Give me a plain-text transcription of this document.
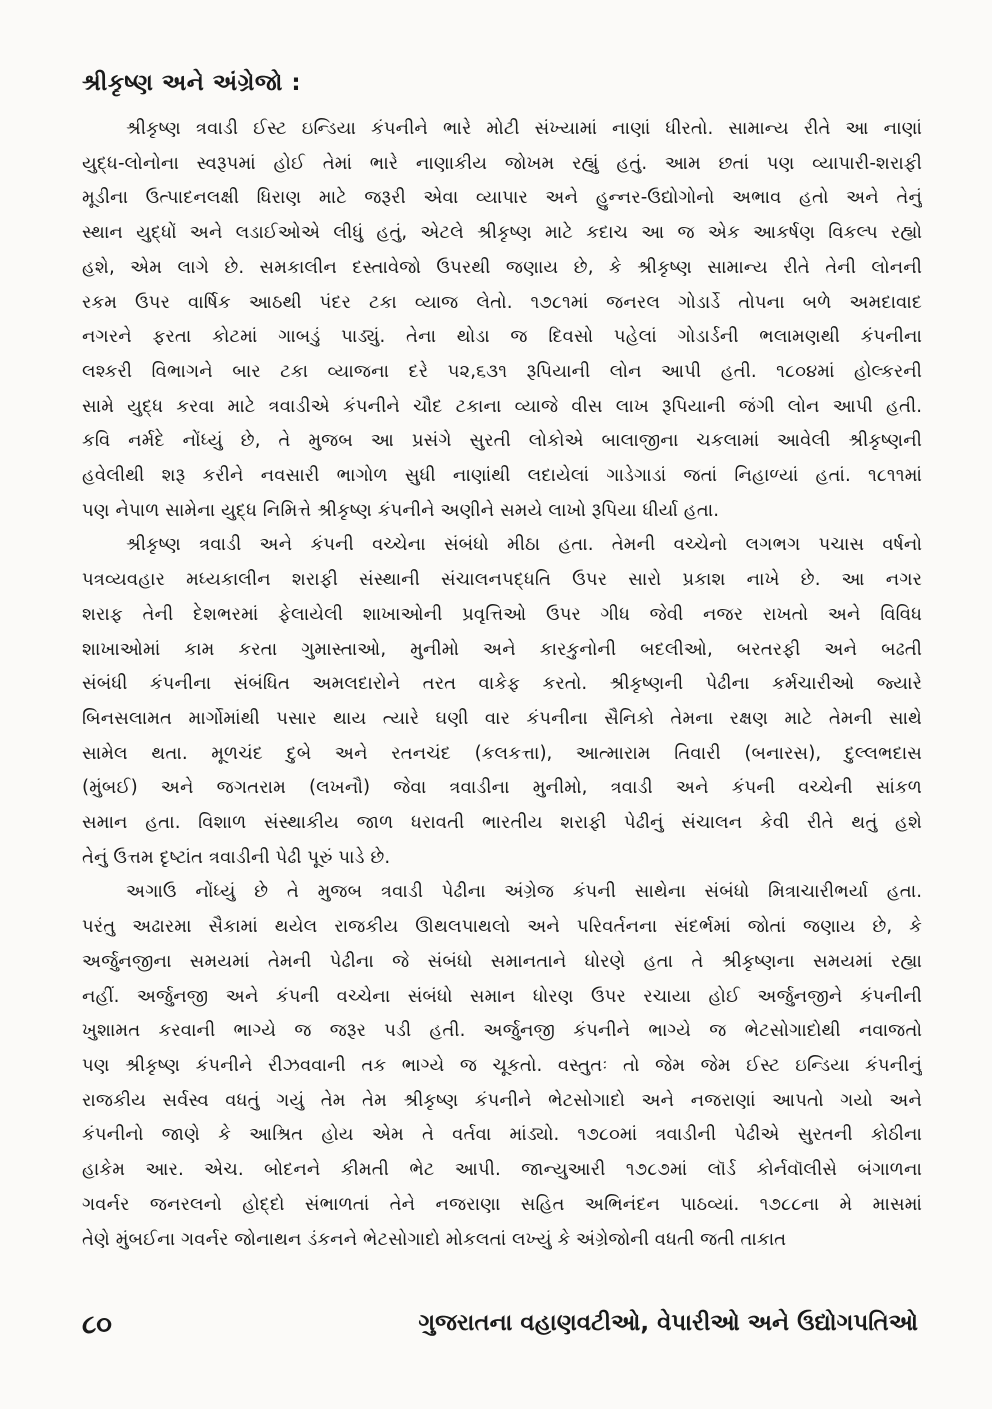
શ્રીકૃષ્ણ અને અંગ્રેજો :
શ્રીકૃષ્ણ ત્રવાડી ઈસ્ટ ઇન્ડિયા કંપનીને ભારે મોટી સંખ્યામાં નાણાં ધીરતો. સામાન્ય રીતે આ નાણાં
યુદ્ધ-લોનોના સ્વરૂપમાં હોઈ તેમાં ભારે નાણાકીય જોખમ રહ્યું હતું. આમ છતાં પણ વ્યાપારી-શરાફી
મૂડીના ઉત્પાદનલક્ષી ધિરાણ માટે જરૂરી એવા વ્યાપાર અને હુન્નર-ઉદ્યોગોનો અભાવ હતો અને તેનું
સ્થાન યુદ્ધોં અને લડાઈઓએ લીધું હતું, એટલે શ્રીકૃષ્ણ માટે કદાચ આ જ એક આકર્ષણ વિકલ્પ રહ્યો
હશે, એમ લાગે છે. સમકાલીન દસ્તાવેજો ઉપરથી જણાય છે, કે શ્રીકૃષ્ણ સામાન્ય રીતે તેની લોનની
રકમ ઉપર વાર્ષિક આઠથી પંદર ટકા વ્યાજ લેતો. ૧૭૮૧માં જનરલ ગોડાર્ડે તોપના બળે અમદાવાદ
નગરને ફરતા કોટમાં ગાબડું પાડ્યું. તેના થોડા જ દિવસો પહેલાં ગોડાર્ડની ભલામણથી કંપનીના
લશ્કરી વિભાગને બાર ટકા વ્યાજના દરે ૫૨,૬૩૧ રૂપિયાની લોન આપી હતી. ૧૮૦૪માં હોલ્કરની
સામે યુદ્ધ કરવા માટે ત્રવાડીએ કંપનીને ચૌદ ટકાના વ્યાજે વીસ લાખ રૂપિયાની જંગી લોન આપી હતી.
કવિ નર્મદે નોંધ્યું છે, તે મુજબ આ પ્રસંગે સુરતી લોકોએ બાલાજીના ચકલામાં આવેલી શ્રીકૃષ્ણની
હવેલીથી શરૂ કરીને નવસારી ભાગોળ સુધી નાણાંથી લદાયેલાં ગાડેગાડાં જતાં નિહાળ્યાં હતાં. ૧૮૧૧માં
પણ નેપાળ સામેના યુદ્ધ નિમિત્તે શ્રીકૃષ્ણ કંપનીને અણીને સમયે લાખો રૂપિયા ધીર્યા હતા.
શ્રીકૃષ્ણ ત્રવાડી અને કંપની વચ્ચેના સંબંધો મીઠા હતા. તેમની વચ્ચેનો લગભગ પચાસ વર્ષનો
પત્રવ્યવહાર મધ્યકાલીન શરાફી સંસ્થાની સંચાલનપદ્ધતિ ઉપર સારો પ્રકાશ નાખે છે. આ નગર
શરાફ તેની દેશભરમાં ફેલાયેલી શાખાઓની પ્રવૃત્તિઓ ઉપર ગીધ જેવી નજર રાખતો અને વિવિધ
શાખાઓમાં કામ કરતા ગુમાસ્તાઓ, મુનીમો અને કારકુનોની બદલીઓ, બરતરફી અને બઢતી
સંબંધી કંપનીના સંબંધિત અમલદારોને તરત વાકેફ કરતો. શ્રીકૃષ્ણની પેઢીના કર્મચારીઓ જ્યારે
બિનસલામત માર્ગોમાંથી પસાર થાય ત્યારે ઘણી વાર કંપનીના સૈનિકો તેમના રક્ષણ માટે તેમની સાથે
સામેલ થતા. મૂળચંદ દુબે અને રતનચંદ (કલકત્તા), આત્મારામ તિવારી (બનારસ), દુલ્લભદાસ
(મુંબઈ) અને જગતરામ (લખનૌ) જેવા ત્રવાડીના મુનીમો, ત્રવાડી અને કંપની વચ્ચેની સાંકળ
સમાન હતા. વિશાળ સંસ્થાકીય જાળ ધરાવતી ભારતીય શરાફી પેઢીનું સંચાલન કેવી રીતે થતું હશે
તેનું ઉત્તમ દૃષ્ટાંત ત્રવાડીની પેઢી પૂરું પાડે છે.
અગાઉ નોંધ્યું છે તે મુજબ ત્રવાડી પેઢીના અંગ્રેજ કંપની સાથેના સંબંધો મિત્રાચારીભર્યા હતા.
પરંતુ અઢારમા સૈકામાં થયેલ રાજકીય ઊથલપાથલો અને પરિવર્તનના સંદર્ભમાં જોતાં જણાય છે, કે
અર્જુનજીના સમયમાં તેમની પેઢીના જે સંબંધો સમાનતાને ધોરણે હતા તે શ્રીકૃષ્ણના સમયમાં રહ્યા
નહીં. અર્જુનજી અને કંપની વચ્ચેના સંબંધો સમાન ધોરણ ઉપર રચાયા હોઈ અર્જુનજીને કંપનીની
ખુશામત કરવાની ભાગ્યે જ જરૂર પડી હતી. અર્જુનજી કંપનીને ભાગ્યે જ ભેટસોગાદોથી નવાજતો
પણ શ્રીકૃષ્ણ કંપનીને રીઝવવાની તક ભાગ્યે જ ચૂકતો. વસ્તુતઃ તો જેમ જેમ ઈસ્ટ ઇન્ડિયા કંપનીનું
રાજકીય સર્વસ્વ વધતું ગયું તેમ તેમ શ્રીકૃષ્ણ કંપનીને ભેટસોગાદો અને નજરાણાં આપતો ગયો અને
કંપનીનો જાણે કે આશ્રિત હોય એમ તે વર્તવા માંડ્યો. ૧૭૮૦માં ત્રવાડીની પેઢીએ સુરતની કોઠીના
હાકેમ આર. એચ. બોદનને કીમતી ભેટ આપી. જાન્યુઆરી ૧૭૮૭માં લૉર્ડ કોર્નવૉલીસે બંગાળના
ગવર્નર જનરલનો હોદ્દો સંભાળતાં તેને નજરાણા સહિત અભિનંદન પાઠવ્યાં. ૧૭૮૮ના મે માસમાં
તેણે મુંબઈના ગવર્નર જોનાથન ડંકનને ભેટસોગાદો મોકલતાં લખ્યું કે અંગ્રેજોની વધતી જતી તાકાત
૮૦	ગુજરાતના વહાણવટીઓ, વેપારીઓ અને ઉદ્યોગપતિઓ
